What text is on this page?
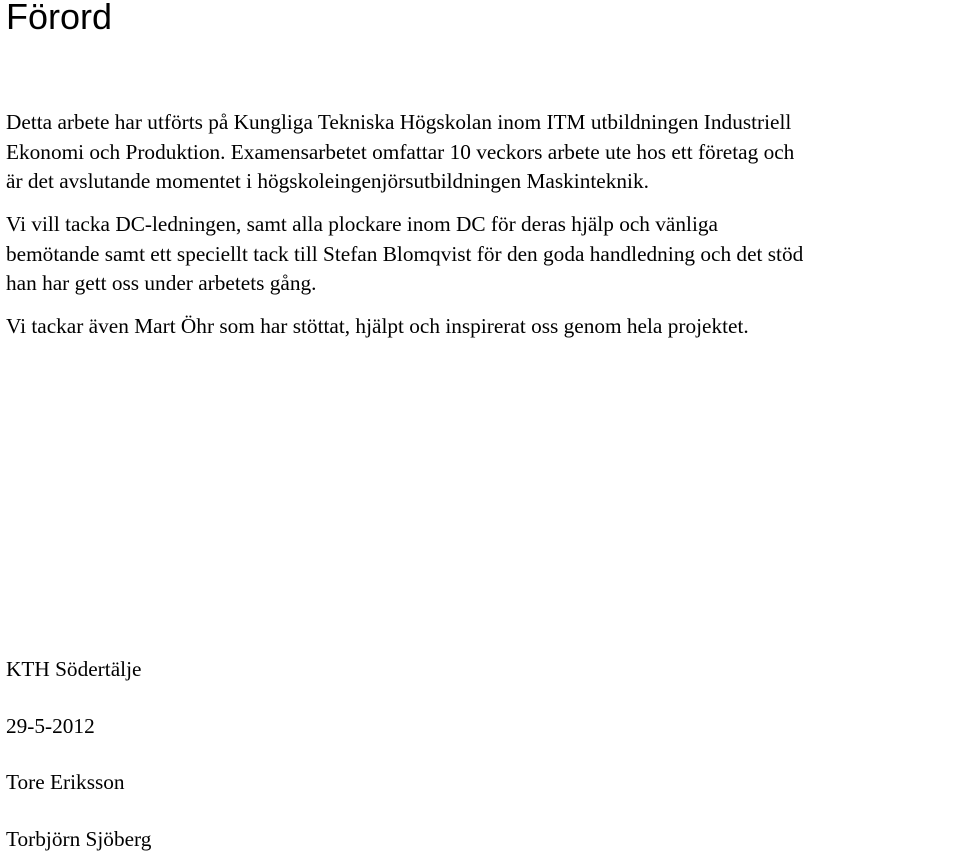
Förord

Detta arbete har utförts på Kungliga Tekniska Högskolan inom ITM utbildningen Industriell
Ekonomi och Produktion. Examensarbetet omfattar 10 veckors arbete ute hos ett företag och
är det avslutande momentet i högskoleingenjörsutbildningen Maskinteknik.

Vi vill tacka DC-ledningen, samt alla plockare inom DC för deras hjälp och vänliga
bemötande samt ett speciellt tack till Stefan Blomqvist för den goda handledning och det stöd
han har gett oss under arbetets gång.

Vi tackar även Mart Öhr som har stöttat, hjälpt och inspirerat oss genom hela projektet.

KTH Södertälje

29-5-2012

Tore Eriksson

Torbjörn Sjöberg
